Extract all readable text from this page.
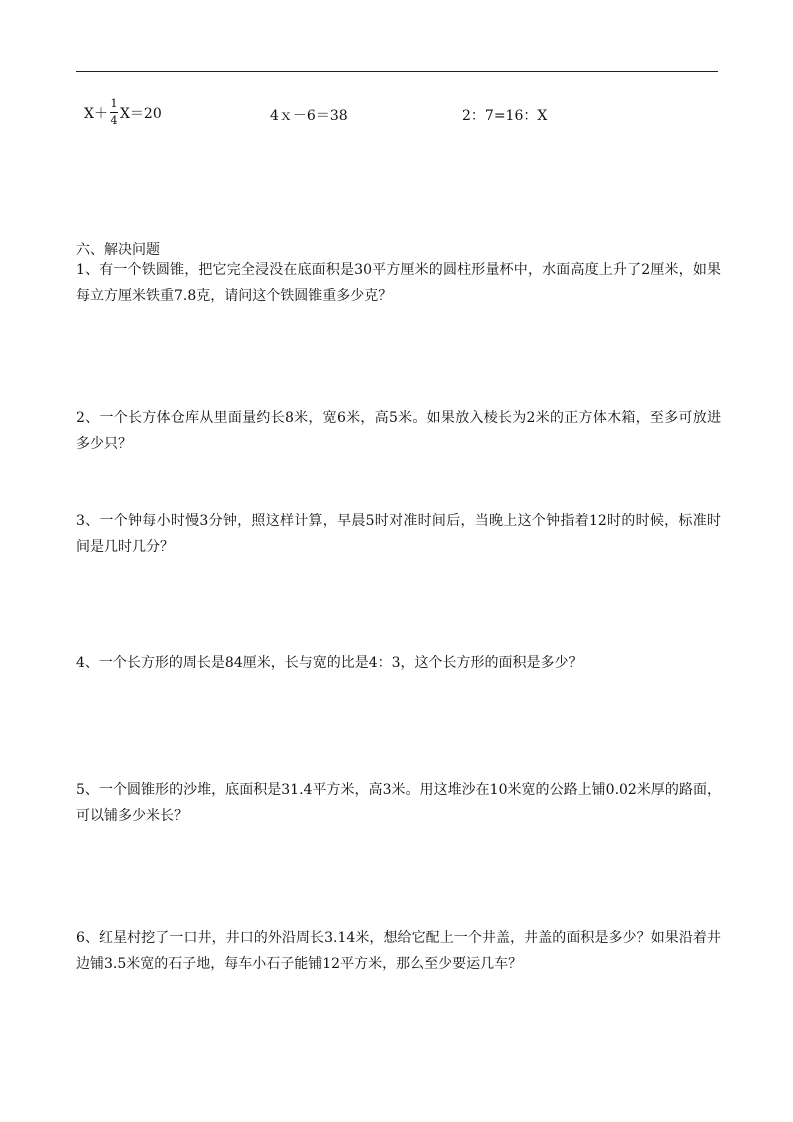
$X+ \frac{1}{4} X=20$	4ｘ－6＝38	2：7=16：X
六、解决问题

1、有一个铁圆锥，把它完全浸没在底面积是30平方厘米的圆柱形量杯中，水面高度上升了2厘米，如果每立方厘米铁重7.8克，请问这个铁圆锥重多少克？

2、一个长方体仓库从里面量约长8米，宽6米，高5米。如果放入棱长为2米的正方体木箱，至多可放进多少只？

3、一个钟每小时慢3分钟，照这样计算，早晨5时对准时间后，当晚上这个钟指着12时的时候，标准时间是几时几分？

4、一个长方形的周长是84厘米，长与宽的比是4：3，这个长方形的面积是多少？

5、一个圆锥形的沙堆，底面积是31.4平方米，高3米。用这堆沙在10米宽的公路上铺0.02米厚的路面，可以铺多少米长？

6、红星村挖了一口井，井口的外沿周长3.14米，想给它配上一个井盖，井盖的面积是多少？如果沿着井边铺3.5米宽的石子地，每车小石子能铺12平方米，那么至少要运几车？
